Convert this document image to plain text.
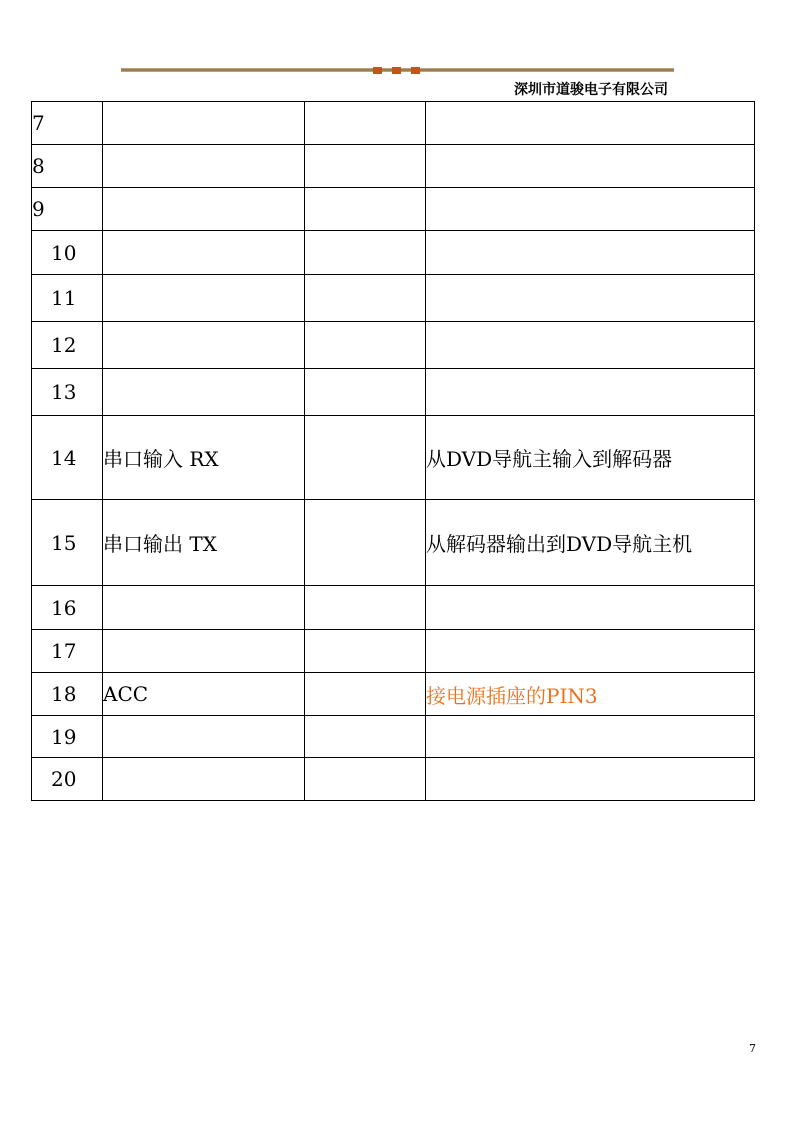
深圳市道骏电子有限公司
7			
8			
9			
10			
11			
12			
13			
14	串口输入 RX		从DVD导航主输入到解码器
15	串口输出 TX		从解码器输出到DVD导航主机
16			
17			
18	ACC		接电源插座的PIN3
19			
20			
7
